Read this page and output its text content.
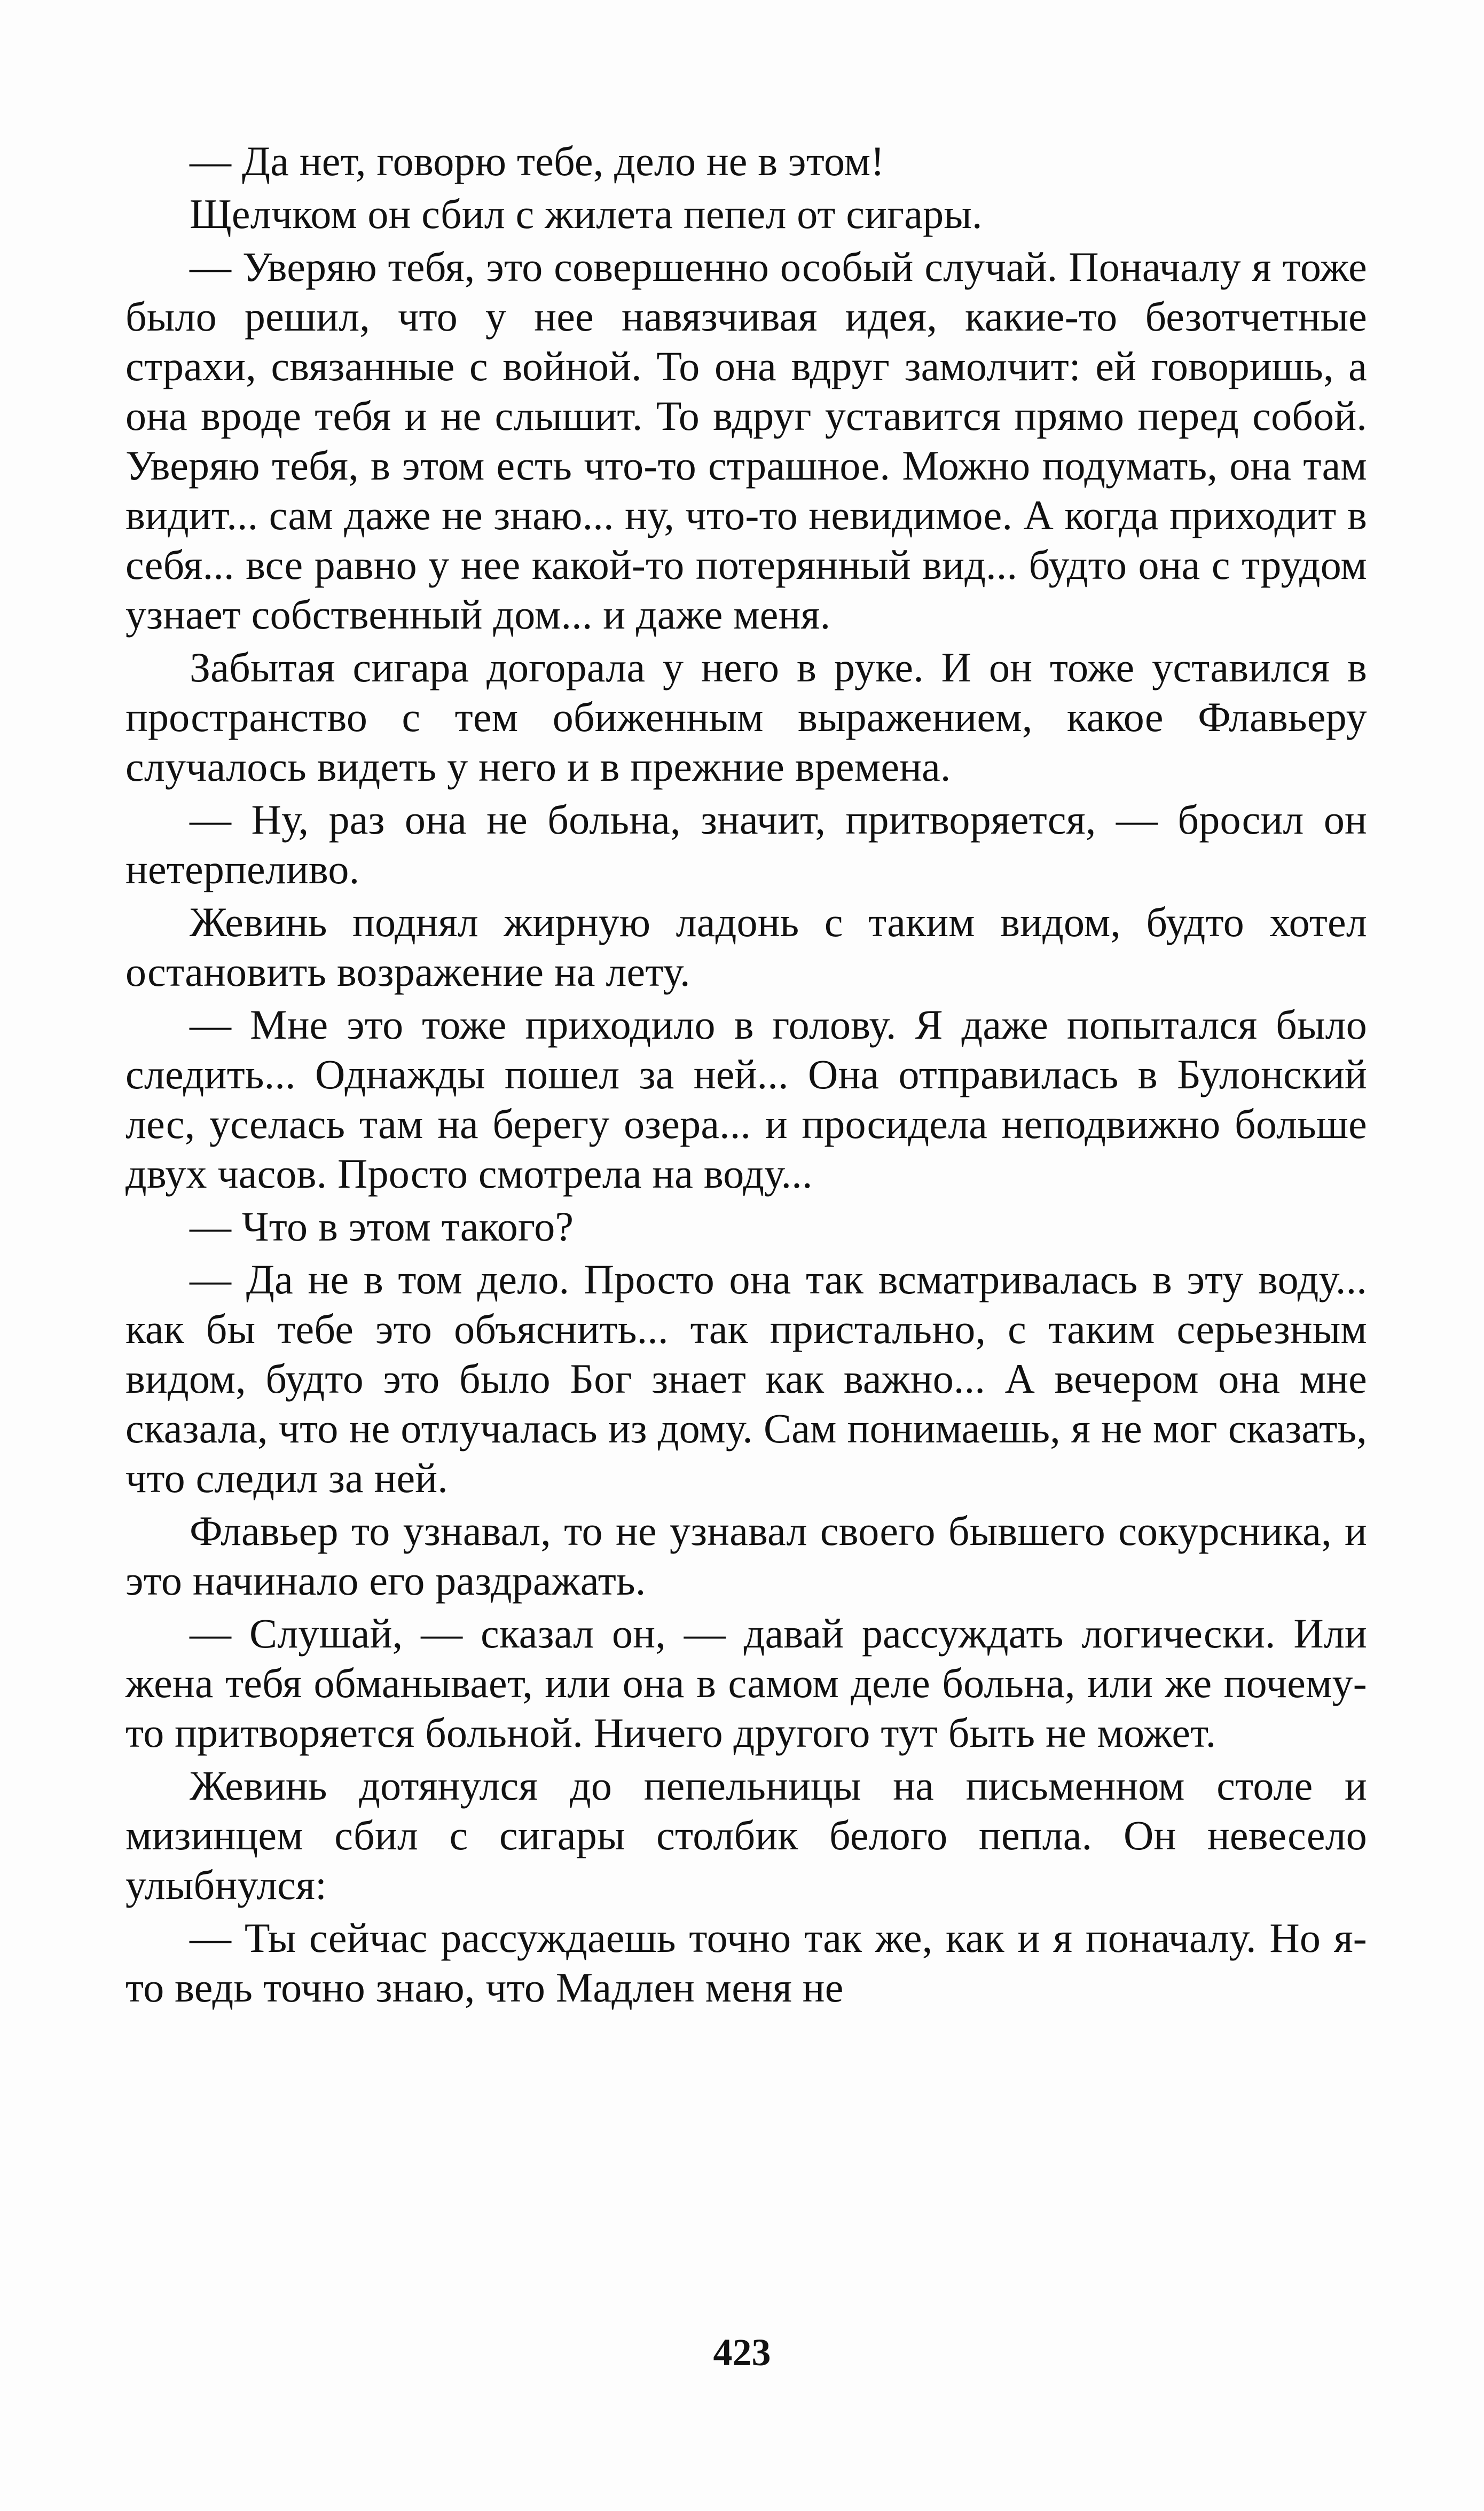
— Да нет, говорю тебе, дело не в этом!

Щелчком он сбил с жилета пепел от сигары.

— Уверяю тебя, это совершенно особый случай. Поначалу я тоже было решил, что у нее навязчивая идея, какие-то безотчетные страхи, связанные с войной. То она вдруг замолчит: ей говоришь, а она вроде тебя и не слышит. То вдруг уставится прямо перед собой. Уверяю тебя, в этом есть что-то страшное. Можно подумать, она там видит... сам даже не знаю... ну, что-то невидимое. А когда приходит в себя... все равно у нее какой-то потерянный вид... будто она с трудом узнает собственный дом... и даже меня.

Забытая сигара догорала у него в руке. И он тоже уставился в пространство с тем обиженным выражением, какое Флавьеру случалось видеть у него и в прежние времена.

— Ну, раз она не больна, значит, притворяется, — бросил он нетерпеливо.

Жевинь поднял жирную ладонь с таким видом, будто хотел остановить возражение на лету.

— Мне это тоже приходило в голову. Я даже попытался было следить... Однажды пошел за ней... Она отправилась в Булонский лес, уселась там на берегу озера... и просидела неподвижно больше двух часов. Просто смотрела на воду...

— Что в этом такого?

— Да не в том дело. Просто она так всматривалась в эту воду... как бы тебе это объяснить... так пристально, с таким серьезным видом, будто это было Бог знает как важно... А вечером она мне сказала, что не отлучалась из дому. Сам понимаешь, я не мог сказать, что следил за ней.

Флавьер то узнавал, то не узнавал своего бывшего сокурсника, и это начинало его раздражать.

— Слушай, — сказал он, — давай рассуждать логически. Или жена тебя обманывает, или она в самом деле больна, или же почему-то притворяется больной. Ничего другого тут быть не может.

Жевинь дотянулся до пепельницы на письменном столе и мизинцем сбил с сигары столбик белого пепла. Он невесело улыбнулся:

— Ты сейчас рассуждаешь точно так же, как и я поначалу. Но я-то ведь точно знаю, что Мадлен меня не

423
